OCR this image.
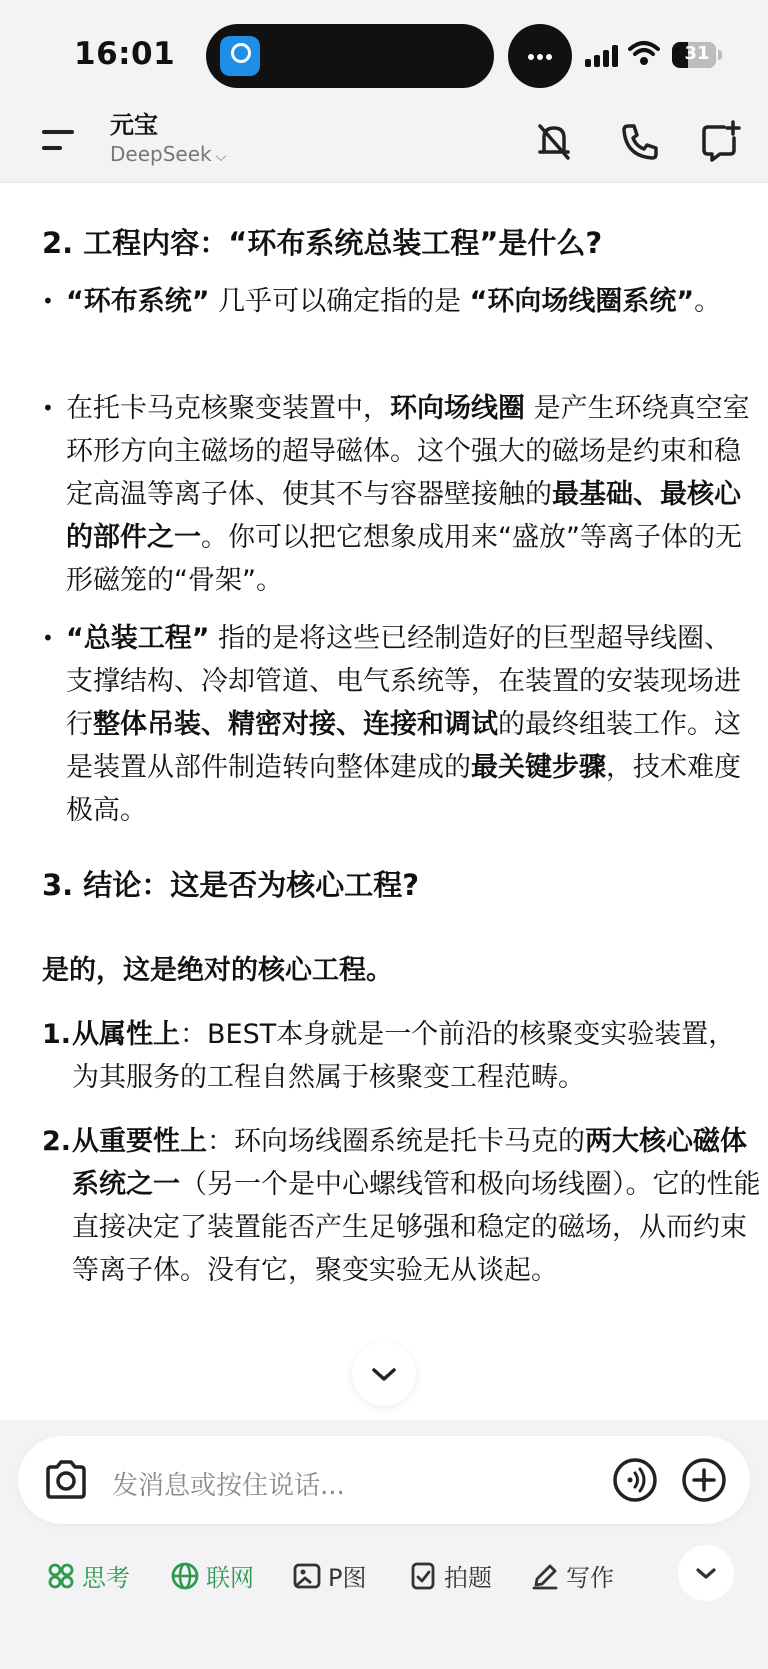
16:01	31
元宝
DeepSeek ⌵
2. 工程内容：“环布系统总装工程”是什么?
• “环布系统” 几乎可以确定指的是 “环向场线圈系统”。
• 在托卡马克核聚变装置中，环向场线圈 是产生环绕真空室环形方向主磁场的超导磁体。这个强大的磁场是约束和稳定高温等离子体、使其不与容器壁接触的最基础、最核心的部件之一。你可以把它想象成用来“盛放”等离子体的无形磁笼的“骨架”。
• “总装工程” 指的是将这些已经制造好的巨型超导线圈、支撑结构、冷却管道、电气系统等，在装置的安装现场进行整体吊装、精密对接、连接和调试的最终组装工作。这是装置从部件制造转向整体建成的最关键步骤，技术难度极高。
3. 结论：这是否为核心工程?
是的，这是绝对的核心工程。
1. 从属性上：BEST本身就是一个前沿的核聚变实验装置，为其服务的工程自然属于核聚变工程范畴。
2. 从重要性上：环向场线圈系统是托卡马克的两大核心磁体系统之一（另一个是中心螺线管和极向场线圈）。它的性能直接决定了装置能否产生足够强和稳定的磁场，从而约束等离子体。没有它，聚变实验无从谈起。
发消息或按住说话...
思考	联网	P图	拍题	写作
